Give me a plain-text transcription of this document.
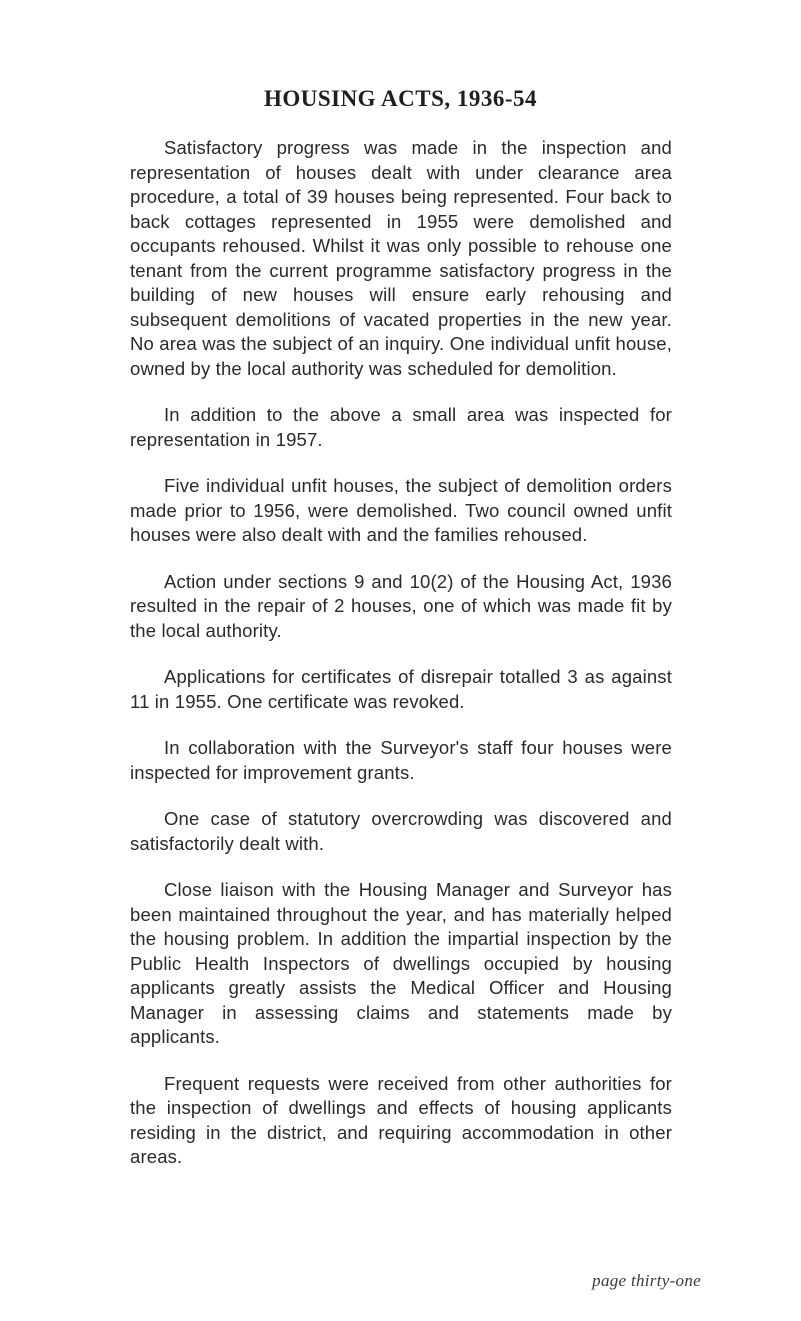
HOUSING ACTS, 1936-54

Satisfactory progress was made in the inspection and representation of houses dealt with under clearance area procedure, a total of 39 houses being represented. Four back to back cottages represented in 1955 were demolished and occupants rehoused. Whilst it was only possible to rehouse one tenant from the current programme satisfactory progress in the building of new houses will ensure early rehousing and subsequent demolitions of vacated properties in the new year. No area was the subject of an inquiry. One individual unfit house, owned by the local authority was scheduled for demolition.

In addition to the above a small area was inspected for representation in 1957.

Five individual unfit houses, the subject of demolition orders made prior to 1956, were demolished. Two council owned unfit houses were also dealt with and the families rehoused.

Action under sections 9 and 10(2) of the Housing Act, 1936 resulted in the repair of 2 houses, one of which was made fit by the local authority.

Applications for certificates of disrepair totalled 3 as against 11 in 1955. One certificate was revoked.

In collaboration with the Surveyor's staff four houses were inspected for improvement grants.

One case of statutory overcrowding was discovered and satisfactorily dealt with.

Close liaison with the Housing Manager and Surveyor has been maintained throughout the year, and has materially helped the housing problem. In addition the impartial inspection by the Public Health Inspectors of dwellings occupied by housing applicants greatly assists the Medical Officer and Housing Manager in assessing claims and statements made by applicants.

Frequent requests were received from other authorities for the inspection of dwellings and effects of housing applicants residing in the district, and requiring accommodation in other areas.

page thirty-one
